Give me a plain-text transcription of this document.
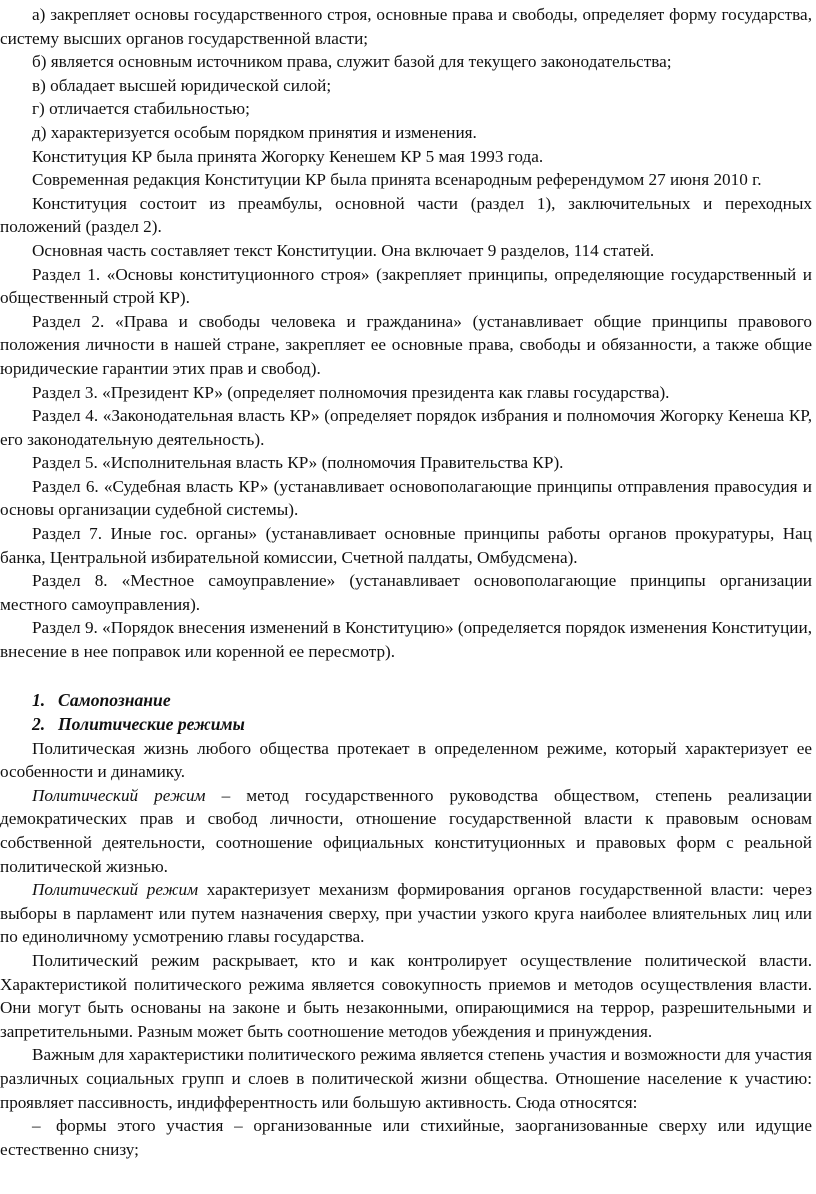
а) закрепляет основы государственного строя, основные права и свободы, определяет форму государства, систему высших органов государственной власти;

б) является основным источником права, служит базой для текущего законодательства;

в) обладает высшей юридической силой;

г) отличается стабильностью;

д) характеризуется особым порядком принятия и изменения.

Конституция КР была принята Жогорку Кенешем КР 5 мая 1993 года.

Современная редакция Конституции КР была принята всенародным референдумом 27 июня 2010 г.

Конституция состоит из преамбулы, основной части (раздел 1), заключительных и переходных положений (раздел 2).

Основная часть составляет текст Конституции. Она включает 9 разделов, 114 статей.

Раздел 1. «Основы конституционного строя» (закрепляет принципы, определяющие государственный и общественный строй КР).

Раздел 2. «Права и свободы человека и гражданина» (устанавливает общие принципы правового положения личности в нашей стране, закрепляет ее основные права, свободы и обязанности, а также общие юридические гарантии этих прав и свобод).

Раздел 3. «Президент КР» (определяет полномочия президента как главы государства).

Раздел 4. «Законодательная власть КР» (определяет порядок избрания и полномочия Жогорку Кенеша КР, его законодательную деятельность).

Раздел 5. «Исполнительная власть КР» (полномочия Правительства КР).

Раздел 6. «Судебная власть КР» (устанавливает основополагающие принципы отправления правосудия и основы организации судебной системы).

Раздел 7. Иные гос. органы» (устанавливает основные принципы работы органов прокуратуры, Нац банка, Центральной избирательной комиссии, Счетной палдаты, Омбудсмена).

Раздел 8. «Местное самоуправление» (устанавливает основополагающие принципы организации местного самоуправления).

Раздел 9. «Порядок внесения изменений в Конституцию» (определяется порядок изменения Конституции, внесение в нее поправок или коренной ее пересмотр).

1. Самопознание

2. Политические режимы

Политическая жизнь любого общества протекает в определенном режиме, который характеризует ее особенности и динамику.

Политический режим – метод государственного руководства обществом, степень реализации демократических прав и свобод личности, отношение государственной власти к правовым основам собственной деятельности, соотношение официальных конституционных и правовых форм с реальной политической жизнью.

Политический режим характеризует механизм формирования органов государственной власти: через выборы в парламент или путем назначения сверху, при участии узкого круга наиболее влиятельных лиц или по единоличному усмотрению главы государства.

Политический режим раскрывает, кто и как контролирует осуществление политической власти. Характеристикой политического режима является совокупность приемов и методов осуществления власти. Они могут быть основаны на законе и быть незаконными, опирающимися на террор, разрешительными и запретительными. Разным может быть соотношение методов убеждения и принуждения.

Важным для характеристики политического режима является степень участия и возможности для участия различных социальных групп и слоев в политической жизни общества. Отношение население к участию: проявляет пассивность, индифферентность или большую активность. Сюда относятся:

– формы этого участия – организованные или стихийные, заорганизованные сверху или идущие естественно снизу;
